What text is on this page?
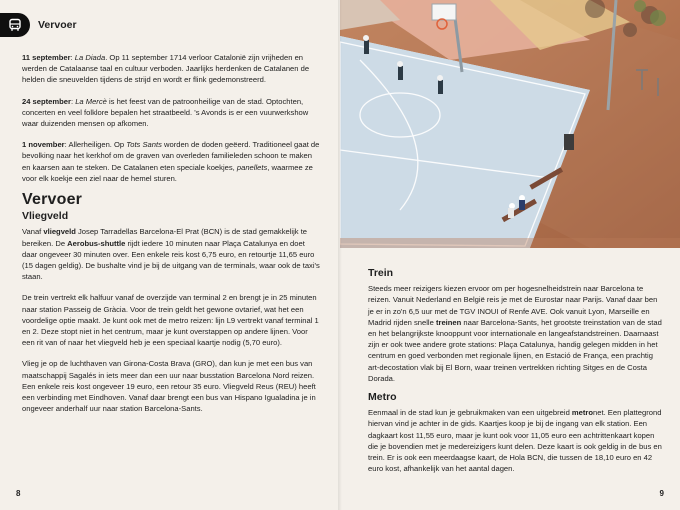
Vervoer

11 september: La Diada. Op 11 september 1714 verloor Catalonië zijn vrijheden en werden de Catalaanse taal en cultuur verboden. Jaarlijks herdenken de Catalanen de helden die sneuvelden tijdens de strijd en wordt er flink gedemonstreerd.

24 september: La Mercè is het feest van de patroonheilige van de stad. Optochten, concerten en veel folklore bepalen het straatbeeld. 's Avonds is er een vuurwerkshow waar duizenden mensen op afkomen.

1 november: Allerheiligen. Op Tots Sants worden de doden geëerd. Traditioneel gaat de bevolking naar het kerkhof om de graven van overleden familieleden schoon te maken en kaarsen aan te steken. De Catalanen eten speciale koekjes, panellets, waarmee ze voor elk koekje een ziel naar de hemel sturen.

Vervoer
Vliegveld

Vanaf vliegveld Josep Tarradellas Barcelona-El Prat (BCN) is de stad gemakkelijk te bereiken. De Aerobus-shuttle rijdt iedere 10 minuten naar Plaça Catalunya en doet daar ongeveer 30 minuten over. Een enkele reis kost 6,75 euro, en retourtje 11,65 euro (15 dagen geldig). De bushalte vind je bij de uitgang van de terminals, waar ook de taxi's staan.

De trein vertrekt elk halfuur vanaf de overzijde van terminal 2 en brengt je in 25 minuten naar station Passeig de Gràcia. Voor de trein geldt het gewone ovtarief, wat het een voordelige optie maakt. Je kunt ook met de metro reizen: lijn L9 vertrekt vanaf terminal 1 en 2. Deze stopt niet in het centrum, maar je kunt overstappen op andere lijnen. Voor een rit van of naar het vliegveld heb je een speciaal kaartje nodig (5,70 euro).

Vlieg je op de luchthaven van Girona-Costa Brava (GRO), dan kun je met een bus van maatschappij Sagalés in iets meer dan een uur naar busstation Barcelona Nord reizen. Een enkele reis kost ongeveer 19 euro, een retour 35 euro. Vliegveld Reus (REU) heeft een verbinding met Eindhoven. Vanaf daar brengt een bus van Hispano Igualadina je in ongeveer anderhalf uur naar station Barcelona-Sants.

8
Trein

Steeds meer reizigers kiezen ervoor om per hogesnelheidstrein naar Barcelona te reizen. Vanuit Nederland en België reis je met de Eurostar naar Parijs. Vanaf daar ben je er in zo'n 6,5 uur met de TGV INOUI of Renfe AVE. Ook vanuit Lyon, Marseille en Madrid rijden snelle treinen naar Barcelona-Sants, het grootste treinstation van de stad en het belangrijkste knooppunt voor internationale en langeafstandstreinen. Daarnaast zijn er ook twee andere grote stations: Plaça Catalunya, handig gelegen midden in het centrum en goed verbonden met regionale lijnen, en Estació de França, een prachtig art-decostation vlak bij El Born, waar treinen vertrekken richting Sitges en de Costa Dorada.

Metro

Eenmaal in de stad kun je gebruikmaken van een uitgebreid metronet. Een plattegrond hiervan vind je achter in de gids. Kaartjes koop je bij de ingang van elk station. Een dagkaart kost 11,55 euro, maar je kunt ook voor 11,05 euro een achtrittenkaart kopen die je bovendien met je medereizigers kunt delen. Deze kaart is ook geldig in de bus en trein. Er is ook een meerdaagse kaart, de Hola BCN, die tussen de 18,10 euro en 42 euro kost, afhankelijk van het aantal dagen.

9
